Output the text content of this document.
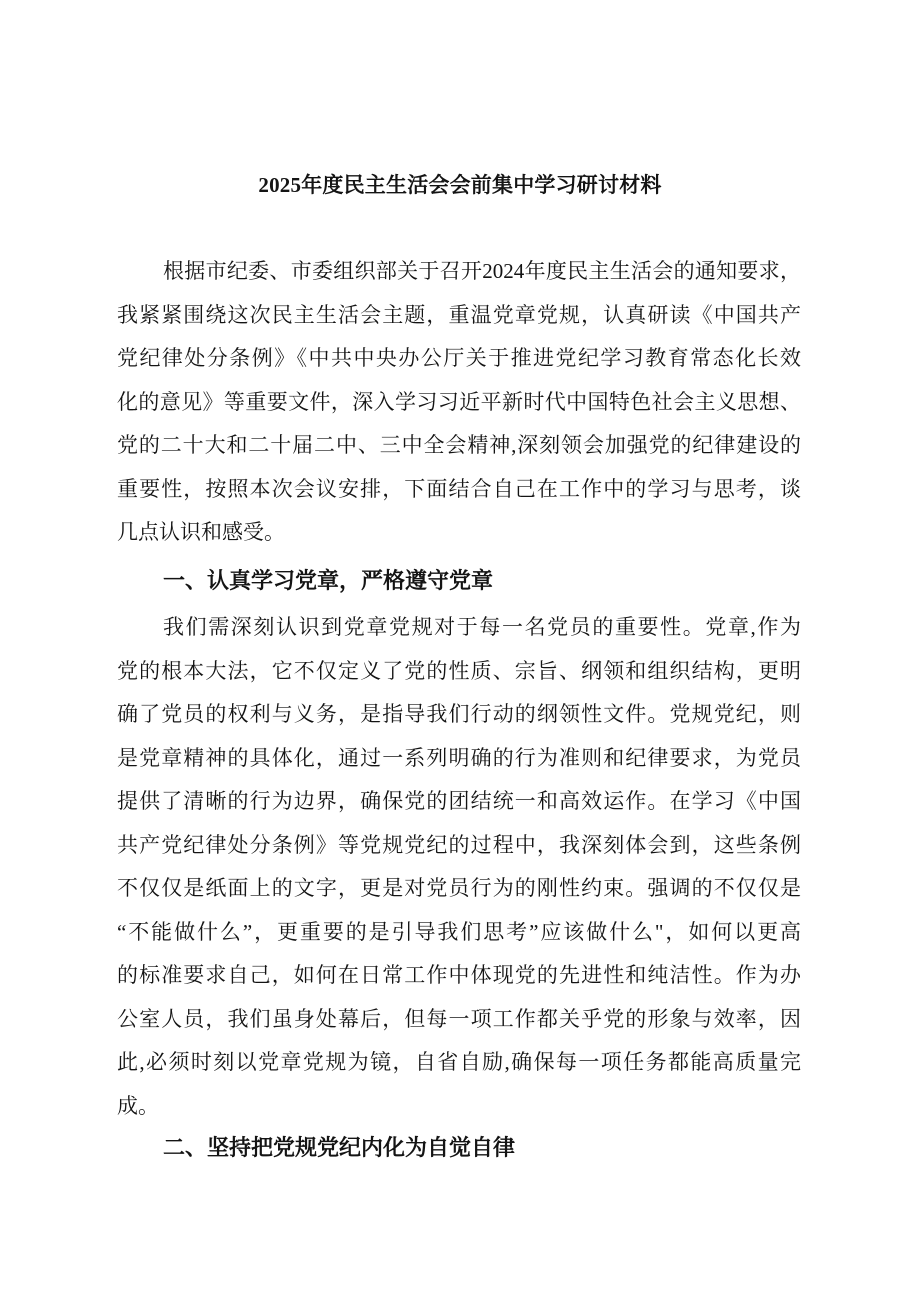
2025年度民主生活会会前集中学习研讨材料
根据市纪委、市委组织部关于召开2024年度民主生活会的通知要求，
我紧紧围绕这次民主生活会主题，重温党章党规，认真研读《中国共产
党纪律处分条例》《中共中央办公厅关于推进党纪学习教育常态化长效
化的意见》等重要文件，深入学习习近平新时代中国特色社会主义思想、
党的二十大和二十届二中、三中全会精神,深刻领会加强党的纪律建设的
重要性，按照本次会议安排，下面结合自己在工作中的学习与思考，谈
几点认识和感受。
一、认真学习党章，严格遵守党章
我们需深刻认识到党章党规对于每一名党员的重要性。党章,作为
党的根本大法，它不仅定义了党的性质、宗旨、纲领和组织结构，更明
确了党员的权利与义务，是指导我们行动的纲领性文件。党规党纪，则
是党章精神的具体化，通过一系列明确的行为准则和纪律要求，为党员
提供了清晰的行为边界，确保党的团结统一和高效运作。在学习《中国
共产党纪律处分条例》等党规党纪的过程中，我深刻体会到，这些条例
不仅仅是纸面上的文字，更是对党员行为的刚性约束。强调的不仅仅是
“不能做什么”，更重要的是引导我们思考”应该做什么"，如何以更高
的标准要求自己，如何在日常工作中体现党的先进性和纯洁性。作为办
公室人员，我们虽身处幕后，但每一项工作都关乎党的形象与效率，因
此,必须时刻以党章党规为镜，自省自励,确保每一项任务都能高质量完
成。
二、坚持把党规党纪内化为自觉自律
